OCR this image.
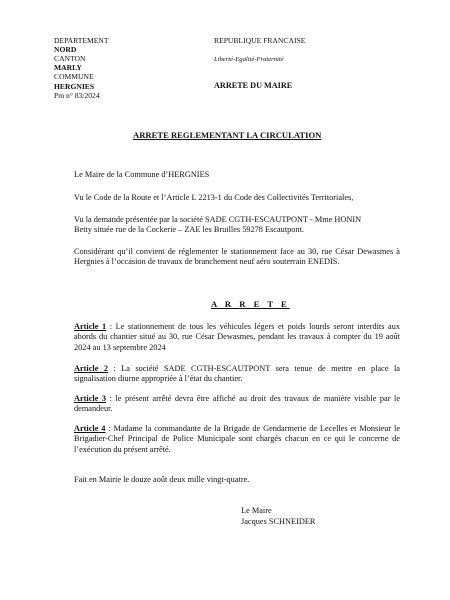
DEPARTEMENT
NORD
CANTON
MARLY
COMMUNE
HERGNIES
Pm n° 83/2024
REPUBLIQUE FRANCAISE
Liberté-Egalité-Fraternité
ARRETE DU MAIRE
ARRETE REGLEMENTANT LA CIRCULATION

Le Maire de la Commune d’HERGNIES

Vu le Code de la Route et l’Article L 2213-1 du Code des Collectivités Territoriales,

Vu la demande présentée par la société SADE CGTH-ESCAUTPONT - Mme HONIN

Betty située rue de la Cockerie – ZAE les Bruilles 59278 Escautpont.

Considérant qu’il convient de réglementer le stationnement face au 30, rue César Dewasmes à Hergnies à l’occasion de travaux de branchement neuf aéro souterrain ENEDIS.

A R R E T E

Article 1 : Le stationnement de tous les véhicules légers et poids lourds seront interdits aux abords du chantier situé au 30, rue César Dewasmes, pendant les travaux à compter du 19 août 2024 au 13 septembre 2024

Article 2 : La société SADE CGTH-ESCAUTPONT sera tenue de mettre en place la signalisation diurne appropriée à l’état du chantier.

Article 3 : le présent arrêté devra être affiché au droit des travaux de manière visible par le demandeur.

Article 4 : Madame la commandante de la Brigade de Gendarmerie de Lecelles et Monsieur le Brigadier-Chef Principal de Police Municipale sont chargés chacun en ce qui le concerne de l’exécution du présent arrêté.

Fait en Mairie le douze août deux mille vingt-quatre.

Le Maire
Jacques SCHNEIDER
